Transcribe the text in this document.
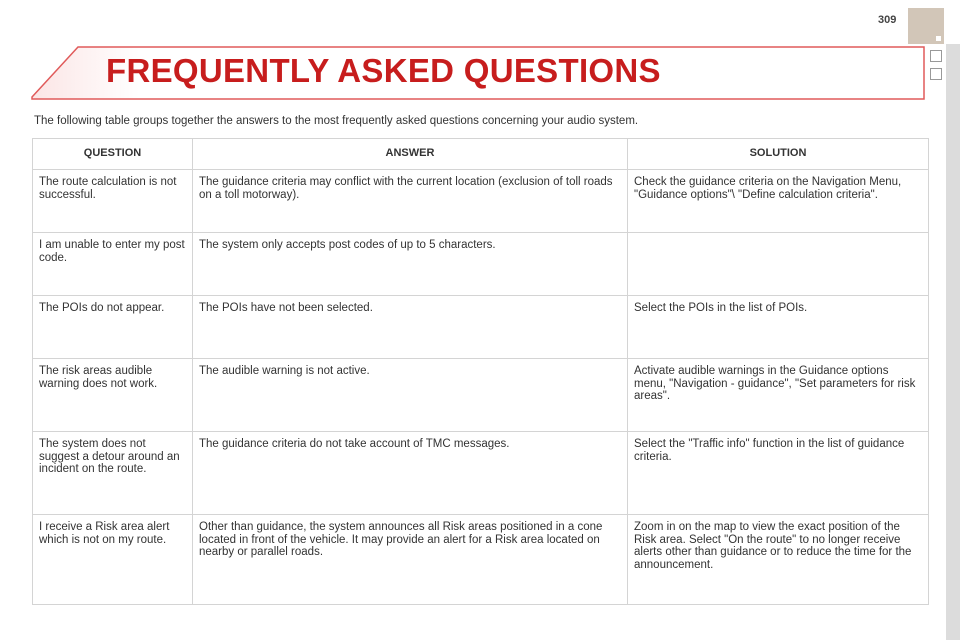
309
FREQUENTLY ASKED QUESTIONS

The following table groups together the answers to the most frequently asked questions concerning your audio system.

QUESTION	ANSWER	SOLUTION
The route calculation is not successful.	The guidance criteria may conflict with the current location (exclusion of toll roads on a toll motorway).	Check the guidance criteria on the Navigation Menu, "Guidance options"\ "Define calculation criteria".
I am unable to enter my post code.	The system only accepts post codes of up to 5 characters.	
The POIs do not appear.	The POIs have not been selected.	Select the POIs in the list of POIs.
The risk areas audible warning does not work.	The audible warning is not active.	Activate audible warnings in the Guidance options menu, "Navigation - guidance", "Set parameters for risk areas".
The system does not suggest a detour around an incident on the route.	The guidance criteria do not take account of TMC messages.	Select the "Traffic info" function in the list of guidance criteria.
I receive a Risk area alert which is not on my route.	Other than guidance, the system announces all Risk areas positioned in a cone located in front of the vehicle. It may provide an alert for a Risk area located on nearby or parallel roads.	Zoom in on the map to view the exact position of the Risk area. Select "On the route" to no longer receive alerts other than guidance or to reduce the time for the announcement.
